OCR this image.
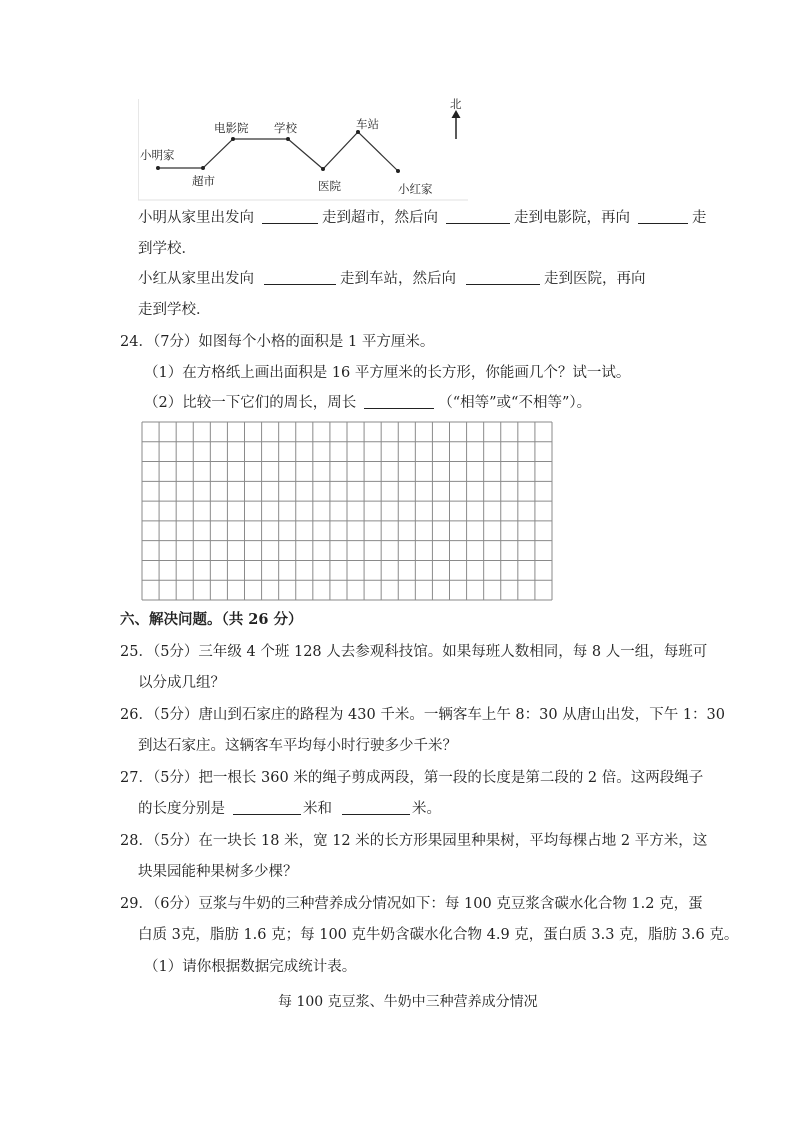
北
小明家
超市
电影院 学校
医院
车站
小红家
小明从家里出发向	走到超市，然后向	走到电影院，再向	走
到学校．
小红从家里出发向	走到车站，然后向	走到医院，再向
走到学校．
24．（7分）如图每个小格的面积是 1 平方厘米。
（1）在方格纸上画出面积是 16 平方厘米的长方形，你能画几个？试一试。
（2）比较一下它们的周长，周长	（“相等”或“不相等”）。
六、解决问题。（共 26 分）
25．（5分）三年级 4 个班 128 人去参观科技馆。如果每班人数相同，每 8 人一组，每班可
以分成几组？
26．（5分）唐山到石家庄的路程为 430 千米。一辆客车上午 8：30 从唐山出发，下午 1：30
到达石家庄。这辆客车平均每小时行驶多少千米？
27．（5分）把一根长 360 米的绳子剪成两段，第一段的长度是第二段的 2 倍。这两段绳子
的长度分别是	米和	米。
28．（5分）在一块长 18 米，宽 12 米的长方形果园里种果树，平均每棵占地 2 平方米，这
块果园能种果树多少棵？
29．（6分）豆浆与牛奶的三种营养成分情况如下：每 100 克豆浆含碳水化合物 1.2 克，蛋
白质 3克，脂肪 1.6 克；每 100 克牛奶含碳水化合物 4.9 克，蛋白质 3.3 克，脂肪 3.6 克。
（1）请你根据数据完成统计表。
每 100 克豆浆、牛奶中三种营养成分情况
